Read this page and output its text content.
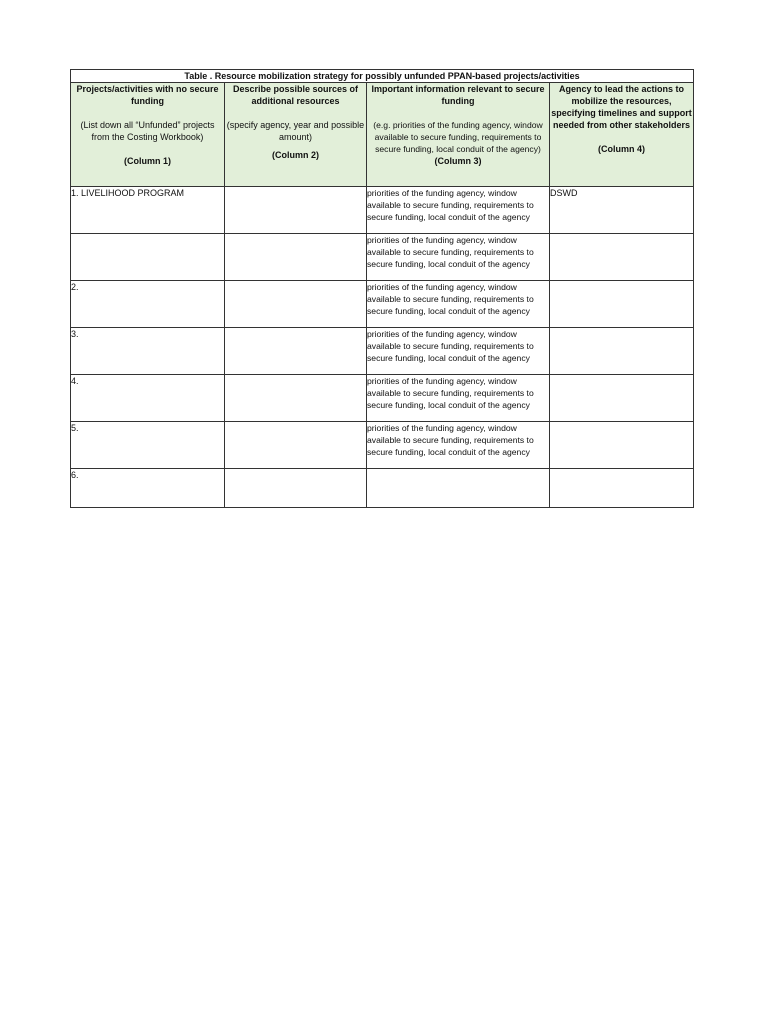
Table . Resource mobilization strategy for possibly unfunded PPAN-based projects/activities			

Projects/activities with no secure funding
(List down all “Unfunded” projects from the Costing Workbook)
(Column 1)	Describe possible sources of additional resources
(specify agency, year and possible amount)
(Column 2)	Important information relevant to secure funding
(e.g. priorities of the funding agency, window available to secure funding, requirements to secure funding, local conduit of the agency)
(Column 3)	Agency to lead the actions to mobilize the resources, specifying timelines and support needed from other stakeholders
(Column 4)

1. LIVELIHOOD PROGRAM		priorities of the funding agency, window available to secure funding, requirements to secure funding, local conduit of the agency	DSWD
		priorities of the funding agency, window available to secure funding, requirements to secure funding, local conduit of the agency	
2.		priorities of the funding agency, window available to secure funding, requirements to secure funding, local conduit of the agency	
3.		priorities of the funding agency, window available to secure funding, requirements to secure funding, local conduit of the agency	
4.		priorities of the funding agency, window available to secure funding, requirements to secure funding, local conduit of the agency	
5.		priorities of the funding agency, window available to secure funding, requirements to secure funding, local conduit of the agency	
6.			
